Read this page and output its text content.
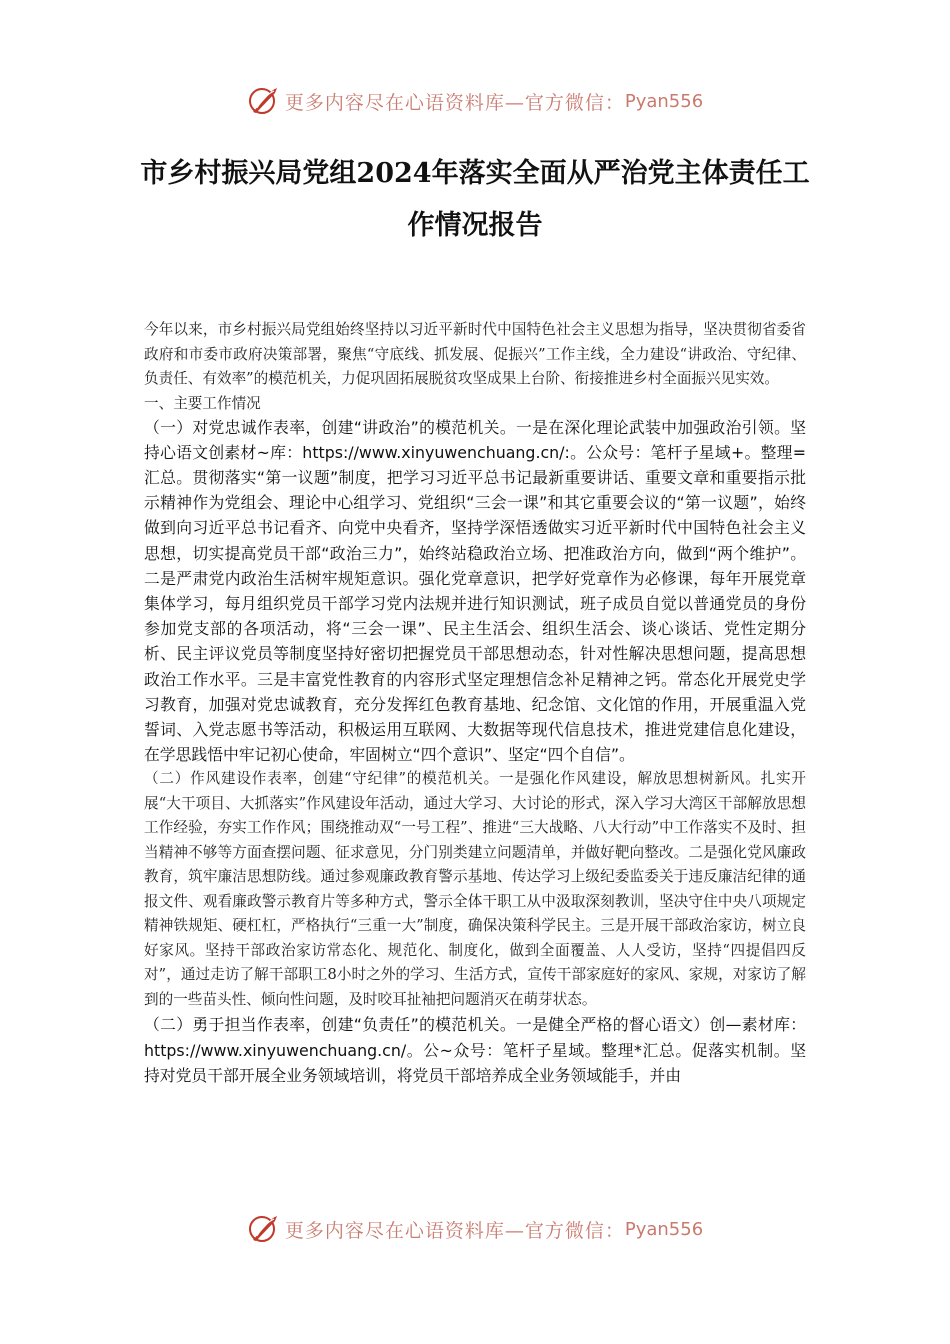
更多内容尽在心语资料库—官方微信： Pyan556
市乡村振兴局党组2024年落实全面从严治党主体责任工作情况报告

今年以来，市乡村振兴局党组始终坚持以习近平新时代中国特色社会主义思想为指导，坚决贯彻省委省政府和市委市政府决策部署，聚焦“守底线、抓发展、促振兴”工作主线，全力建设“讲政治、守纪律、负责任、有效率”的模范机关，力促巩固拓展脱贫攻坚成果上台阶、衔接推进乡村全面振兴见实效。

一、主要工作情况

（一）对党忠诚作表率，创建“讲政治”的模范机关。一是在深化理论武装中加强政治引领。坚持心语文创素材~库：https://www.xinyuwenchuang.cn/:。公众号：笔杆子星域+。整理=汇总。贯彻落实“第一议题”制度，把学习习近平总书记最新重要讲话、重要文章和重要指示批示精神作为党组会、理论中心组学习、党组织“三会一课”和其它重要会议的“第一议题”，始终做到向习近平总书记看齐、向党中央看齐，坚持学深悟透做实习近平新时代中国特色社会主义思想，切实提高党员干部“政治三力”，始终站稳政治立场、把准政治方向，做到“两个维护”。二是严肃党内政治生活树牢规矩意识。强化党章意识，把学好党章作为必修课，每年开展党章集体学习，每月组织党员干部学习党内法规并进行知识测试，班子成员自觉以普通党员的身份参加党支部的各项活动，将“三会一课”、民主生活会、组织生活会、谈心谈话、党性定期分析、民主评议党员等制度坚持好密切把握党员干部思想动态，针对性解决思想问题，提高思想政治工作水平。三是丰富党性教育的内容形式坚定理想信念补足精神之钙。常态化开展党史学习教育，加强对党忠诚教育，充分发挥红色教育基地、纪念馆、文化馆的作用，开展重温入党誓词、入党志愿书等活动，积极运用互联网、大数据等现代信息技术，推进党建信息化建设，在学思践悟中牢记初心使命，牢固树立“四个意识”、坚定“四个自信”。

（二）作风建设作表率，创建“守纪律”的模范机关。一是强化作风建设，解放思想树新风。扎实开展“大干项目、大抓落实”作风建设年活动，通过大学习、大讨论的形式，深入学习大湾区干部解放思想工作经验，夯实工作作风；围绕推动双“一号工程”、推进“三大战略、八大行动”中工作落实不及时、担当精神不够等方面查摆问题、征求意见，分门别类建立问题清单，并做好靶向整改。二是强化党风廉政教育，筑牢廉洁思想防线。通过参观廉政教育警示基地、传达学习上级纪委监委关于违反廉洁纪律的通报文件、观看廉政警示教育片等多种方式，警示全体干职工从中汲取深刻教训，坚决守住中央八项规定精神铁规矩、硬杠杠，严格执行“三重一大”制度，确保决策科学民主。三是开展干部政治家访，树立良好家风。坚持干部政治家访常态化、规范化、制度化，做到全面覆盖、人人受访，坚持“四提倡四反对”，通过走访了解干部职工8小时之外的学习、生活方式，宣传干部家庭好的家风、家规，对家访了解到的一些苗头性、倾向性问题，及时咬耳扯袖把问题消灭在萌芽状态。

（二）勇于担当作表率，创建“负责任”的模范机关。一是健全严格的督心语文）创—素材库：https://www.xinyuwenchuang.cn/。公~众号：笔杆子星域。整理*汇总。促落实机制。坚持对党员干部开展全业务领域培训，将党员干部培养成全业务领域能手，并由

更多内容尽在心语资料库—官方微信： Pyan556
